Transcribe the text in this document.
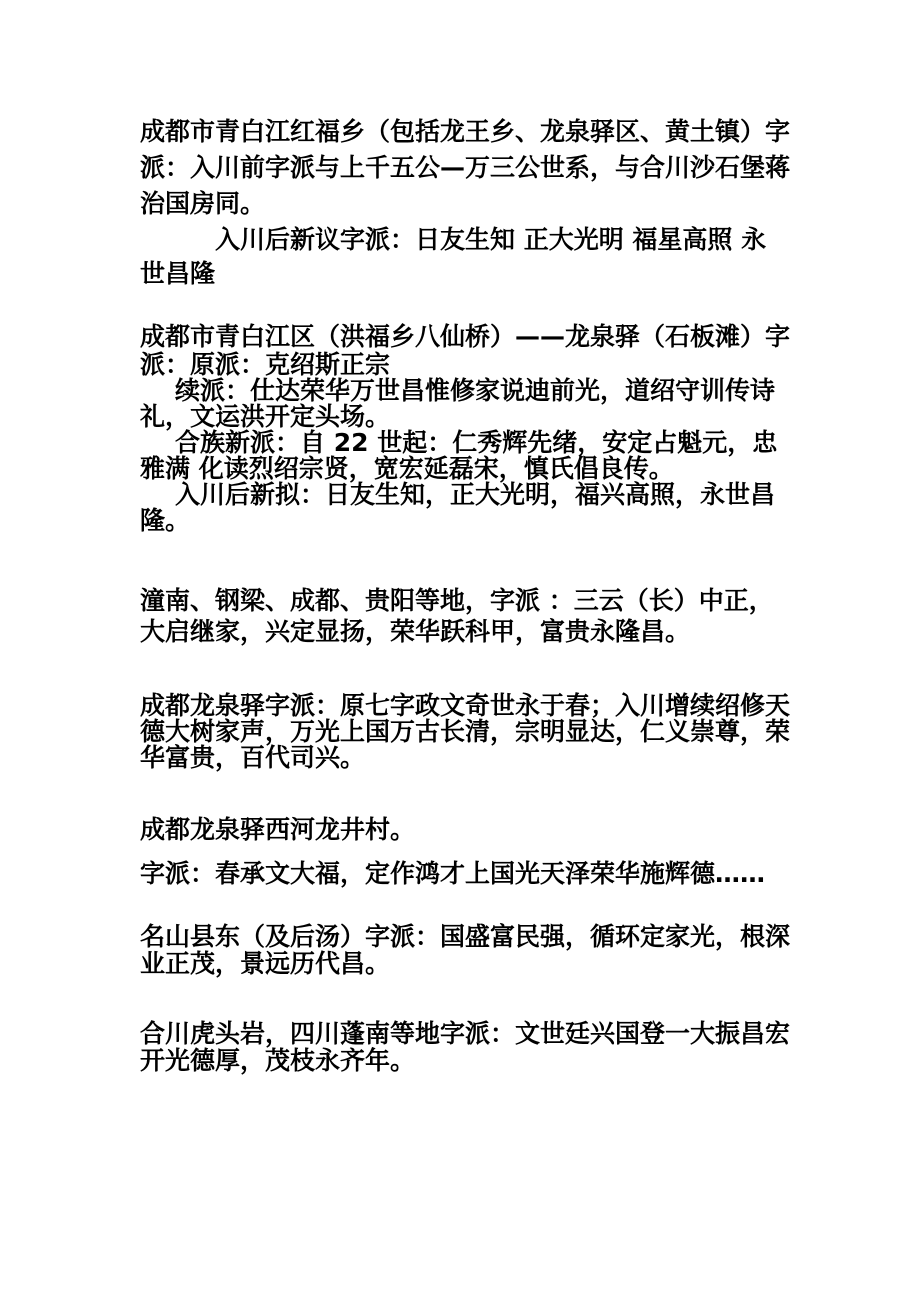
成都市青白江红福乡（包括龙王乡、龙泉驿区、黄土镇）字
派：入川前字派与上千五公—万三公世系，与合川沙石堡蒋
治国房同。
入川后新议字派：日友生知 正大光明 福星高照 永
世昌隆
成都市青白江区（洪福乡八仙桥）——龙泉驿（石板滩）字
派：原派：克绍斯正宗
续派：仕达荣华万世昌惟修家说迪前光，道绍守训传诗
礼，文运洪开定头场。
合族新派：自 22 世起：仁秀辉先绪，安定占魁元，忠
雅满 化读烈绍宗贤，宽宏延磊宋，慎氏倡良传。
入川后新拟：日友生知，正大光明，福兴高照，永世昌
隆。
潼南、钢梁、成都、贵阳等地，字派 ：三云（长）中正，
大启继家，兴定显扬，荣华跃科甲，富贵永隆昌。
成都龙泉驿字派：原七字政文奇世永于春；入川增续绍修天
德大树家声，万光上国万古长清，宗明显达，仁义崇尊，荣
华富贵，百代司兴。
成都龙泉驿西河龙井村。
字派：春承文大福，定作鸿才上国光天泽荣华施辉德……
名山县东（及后汤）字派：国盛富民强，循环定家光，根深
业正茂，景远历代昌。
合川虎头岩，四川蓬南等地字派：文世廷兴国登一大振昌宏
开光德厚，茂枝永齐年。
